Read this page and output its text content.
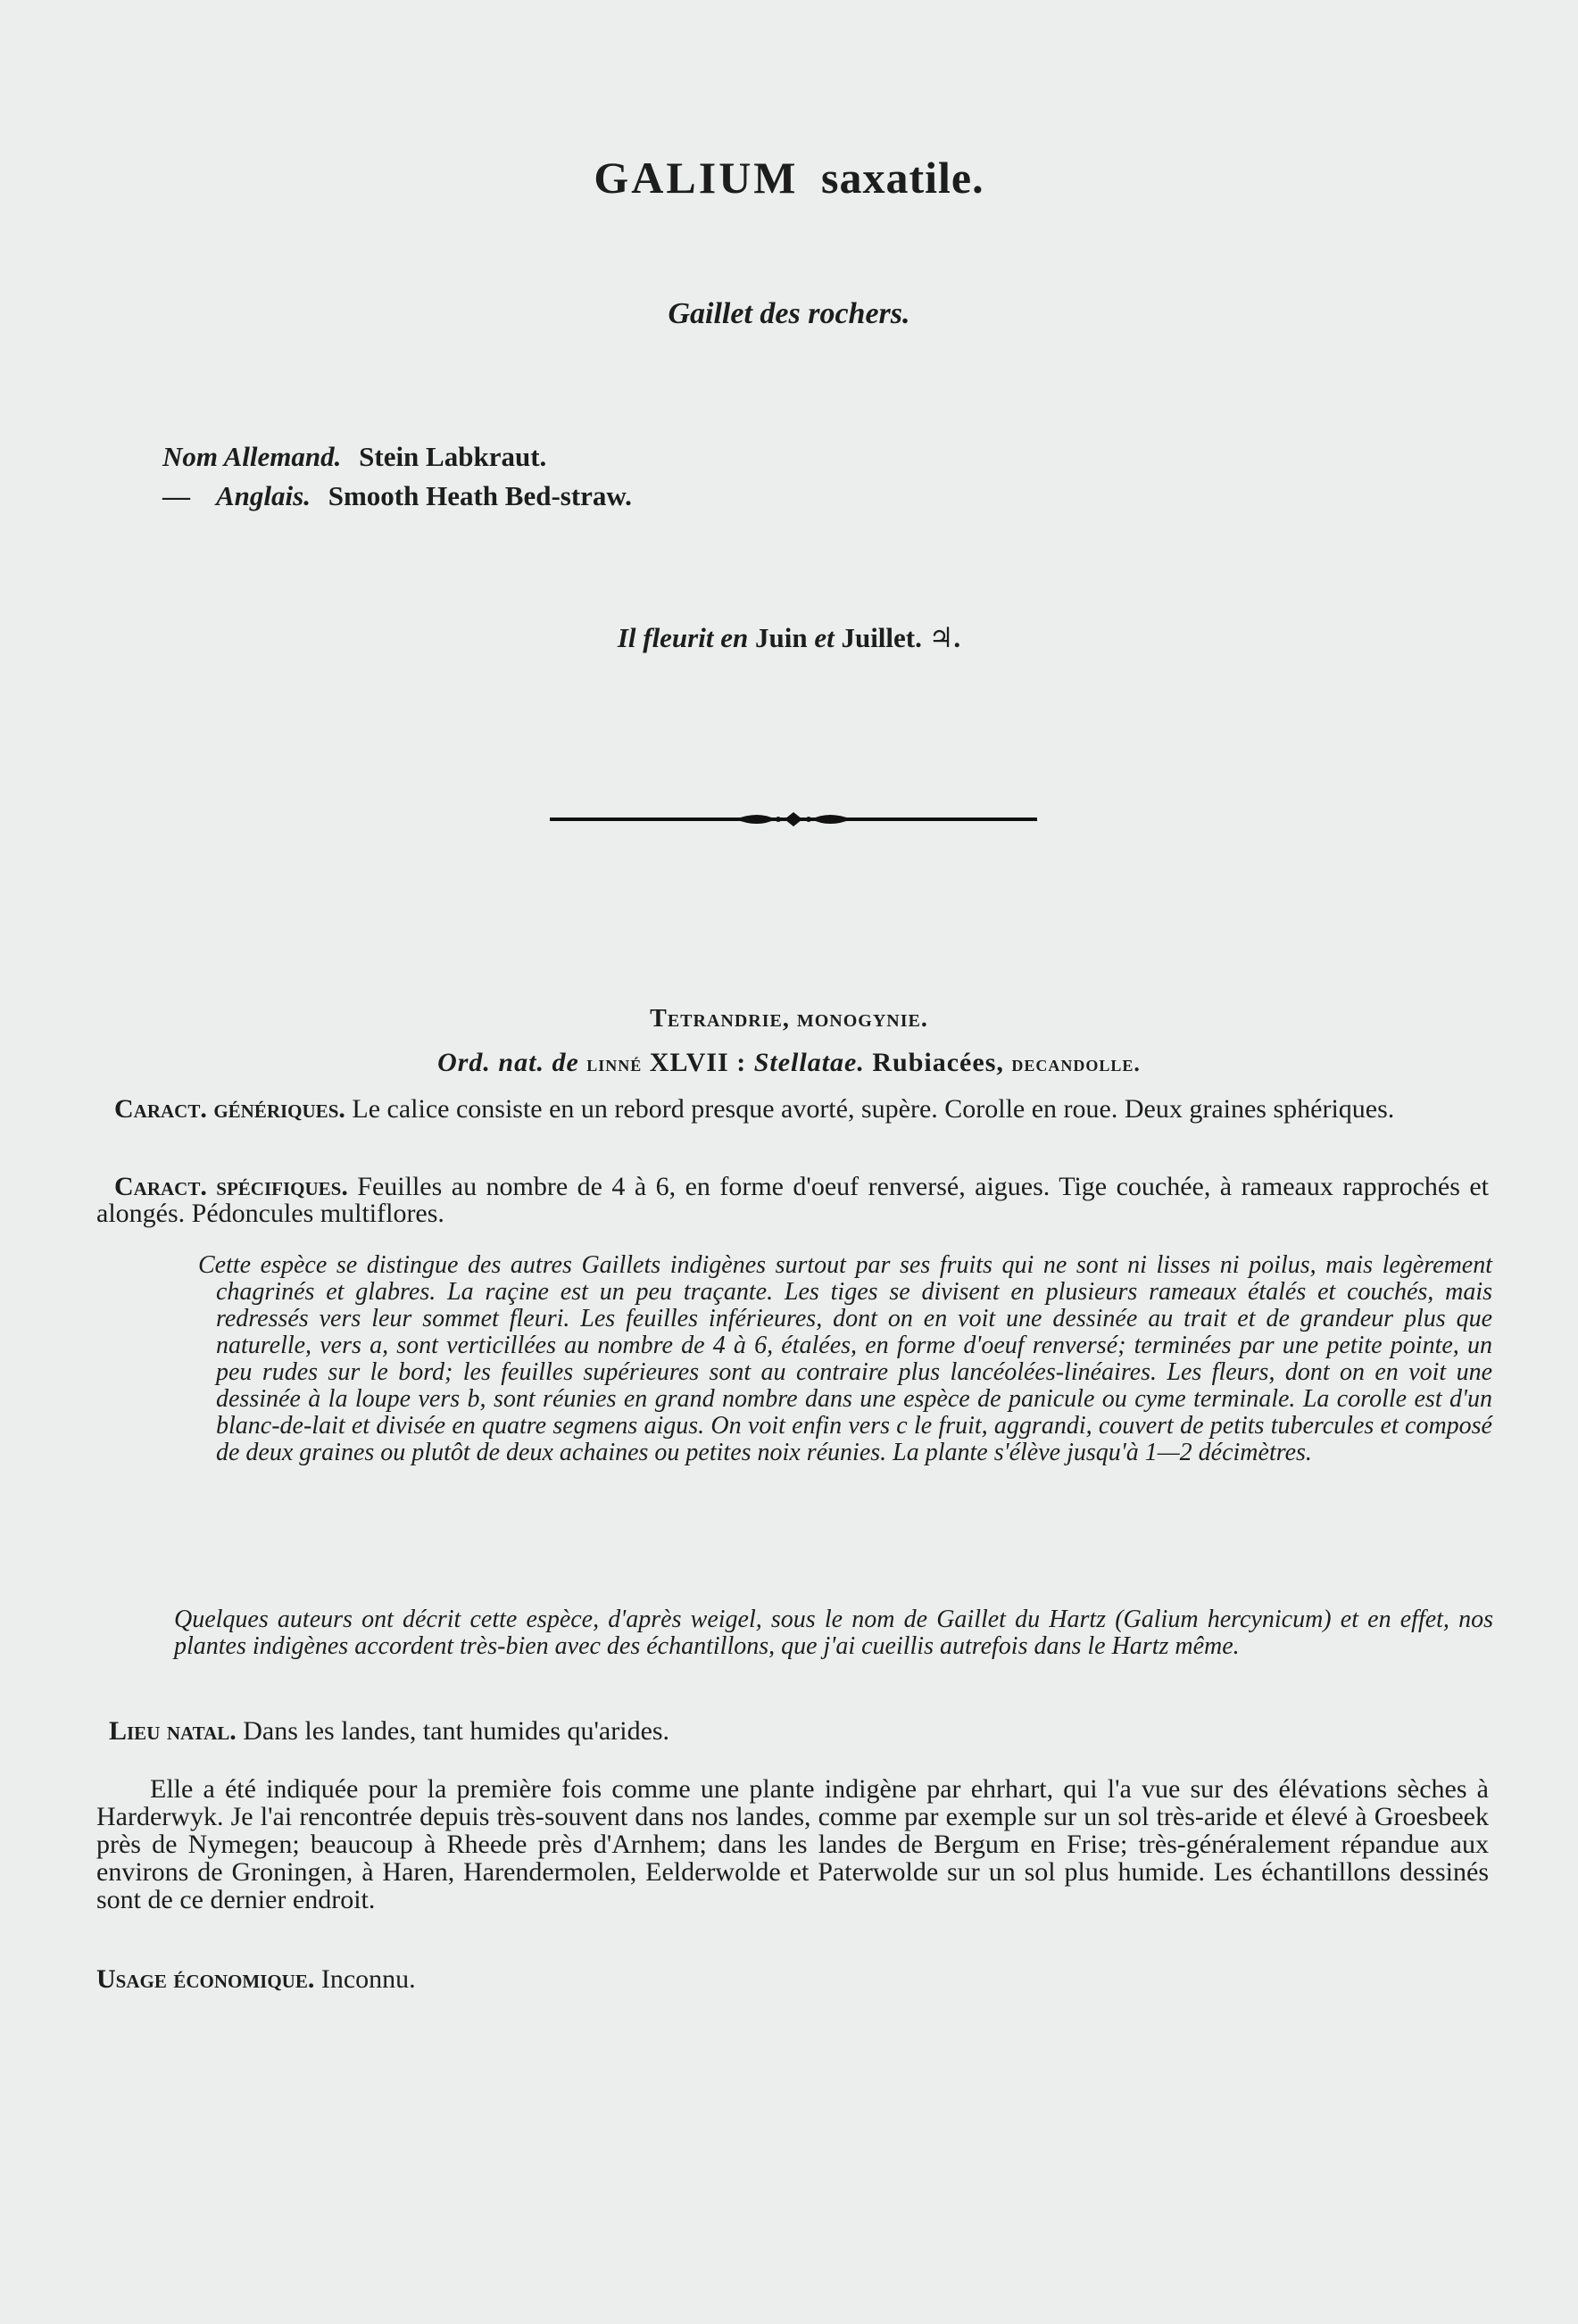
GALIUM saxatile.
Gaillet des rochers.
Nom Allemand. Stein Labkraut.
— Anglais. Smooth Heath Bed-straw.
Il fleurit en Juin et Juillet. ♃.
Tetrandrie, monogynie.
Ord. nat. de linné XLVII : Stellatae. Rubiacées, decandolle.
Caract. génériques. Le calice consiste en un rebord presque avorté, supère. Corolle en roue. Deux graines sphériques.
Caract. spécifiques. Feuilles au nombre de 4 à 6, en forme d'oeuf renversé, aigues. Tige couchée, à rameaux rapprochés et alongés. Pédoncules multiflores.
Cette espèce se distingue des autres Gaillets indigènes surtout par ses fruits qui ne sont ni lisses ni poilus, mais legèrement chagrinés et glabres. La raçine est un peu traçante. Les tiges se divisent en plusieurs rameaux étalés et couchés, mais redressés vers leur sommet fleuri. Les feuilles inférieures, dont on en voit une dessinée au trait et de grandeur plus que naturelle, vers a, sont verticillées au nombre de 4 à 6, étalées, en forme d'oeuf renversé; terminées par une petite pointe, un peu rudes sur le bord; les feuilles supérieures sont au contraire plus lancéolées-linéaires. Les fleurs, dont on en voit une dessinée à la loupe vers b, sont réunies en grand nombre dans une espèce de panicule ou cyme terminale. La corolle est d'un blanc-de-lait et divisée en quatre segmens aigus. On voit enfin vers c le fruit, aggrandi, couvert de petits tubercules et composé de deux graines ou plutôt de deux achaines ou petites noix réunies. La plante s'élève jusqu'à 1—2 décimètres.
Quelques auteurs ont décrit cette espèce, d'après weigel, sous le nom de Gaillet du Hartz (Galium hercynicum) et en effet, nos plantes indigènes accordent très-bien avec des échantillons, que j'ai cueillis autrefois dans le Hartz même.
Lieu natal. Dans les landes, tant humides qu'arides.
Elle a été indiquée pour la première fois comme une plante indigène par ehrhart, qui l'a vue sur des élévations sèches à Harderwyk. Je l'ai rencontrée depuis très-souvent dans nos landes, comme par exemple sur un sol très-aride et élevé à Groesbeek près de Nymegen; beaucoup à Rheede près d'Arnhem; dans les landes de Bergum en Frise; très-généralement répandue aux environs de Groningen, à Haren, Harendermolen, Eelderwolde et Paterwolde sur un sol plus humide. Les échantillons dessinés sont de ce dernier endroit.
Usage économique. Inconnu.
